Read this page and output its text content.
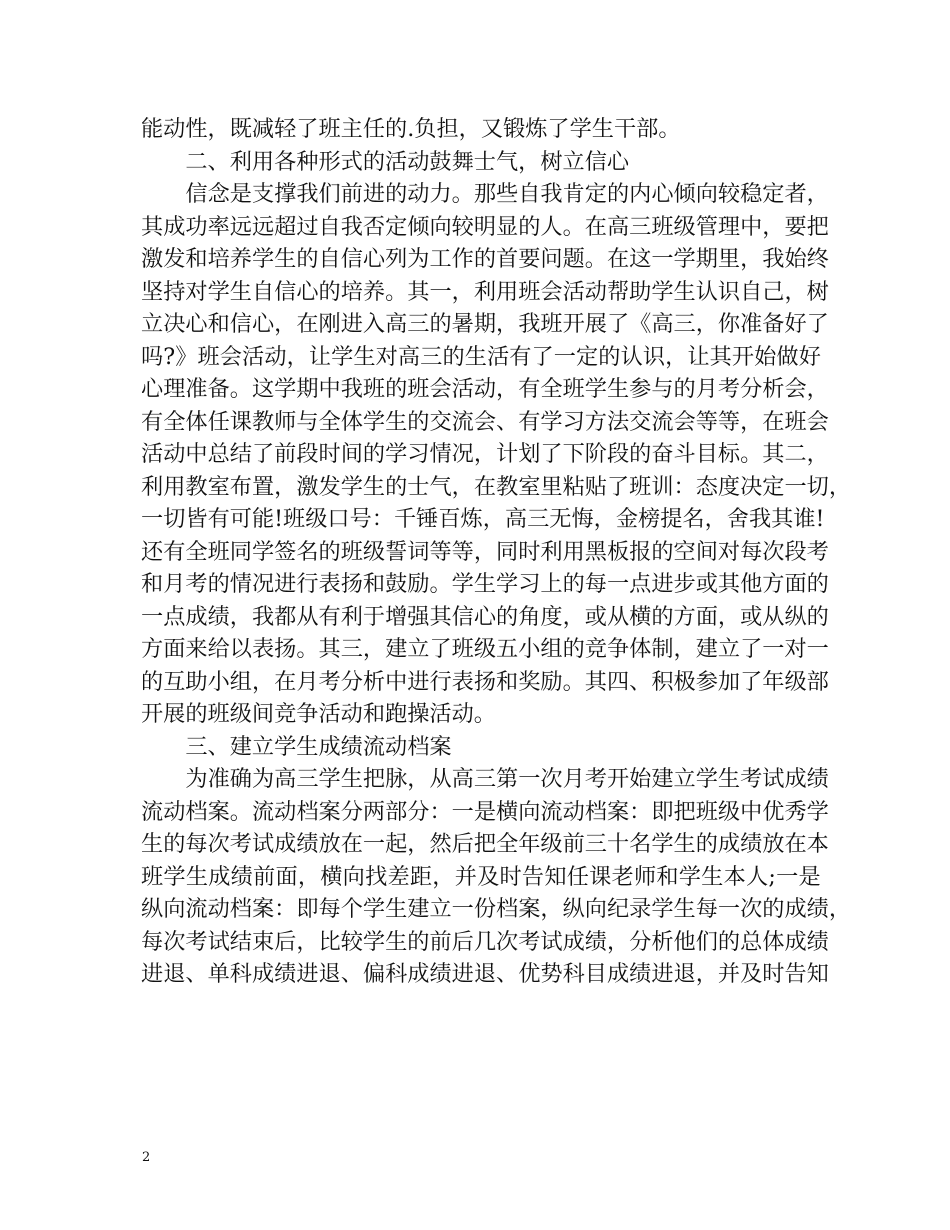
能动性，既减轻了班主任的.负担，又锻炼了学生干部。
　　二、利用各种形式的活动鼓舞士气，树立信心

信 念 是 支 撑 我 们 前 进 的 动 力 。 那 些 自 我 肯 定 的 内 心 倾 向 较 稳 定 者 ，
其 成 功 率 远 远 超 过 自 我 否 定 倾 向 较 明 显 的 人 。 在 高 三 班 级 管 理 中 ， 要 把
激 发 和 培 养 学 生 的 自 信 心 列 为 工 作 的 首 要 问 题 。 在 这 一 学 期 里 ， 我 始 终
坚 持 对 学 生 自 信 心 的 培 养 。 其 一 ， 利 用 班 会 活 动 帮 助 学 生 认 识 自 己 ， 树
立 决 心 和 信 心 ， 在 刚 进 入 高 三 的 暑 期 ， 我 班 开 展 了 《 高 三 ， 你 准 备 好 了
吗 ? 》 班 会 活 动 ， 让 学 生 对 高 三 的 生 活 有 了 一 定 的 认 识 ， 让 其 开 始 做 好
心 理 准 备 。 这 学 期 中 我 班 的 班 会 活 动 ， 有 全 班 学 生 参 与 的 月 考 分 析 会 ，
有 全 体 任 课 教 师 与 全 体 学 生 的 交 流 会 、 有 学 习 方 法 交 流 会 等 等 ， 在 班 会
活 动 中 总 结 了 前 段 时 间 的 学 习 情 况 ， 计 划 了 下 阶 段 的 奋 斗 目 标 。 其 二 ，
利 用 教 室 布 置 ， 激 发 学 生 的 士 气 ， 在 教 室 里 粘 贴 了 班 训 ： 态 度 决 定 一 切 ，
一 切 皆 有 可 能 ! 班 级 口 号 ： 千 锤 百 炼 ， 高 三 无 悔 ， 金 榜 提 名 ， 舍 我 其 谁 !
还 有 全 班 同 学 签 名 的 班 级 誓 词 等 等 ， 同 时 利 用 黑 板 报 的 空 间 对 每 次 段 考
和 月 考 的 情 况 进 行 表 扬 和 鼓 励 。 学 生 学 习 上 的 每 一 点 进 步 或 其 他 方 面 的
一 点 成 绩 ， 我 都 从 有 利 于 增 强 其 信 心 的 角 度 ， 或 从 横 的 方 面 ， 或 从 纵 的
方 面 来 给 以 表 扬 。 其 三 ， 建 立 了 班 级 五 小 组 的 竞 争 体 制 ， 建 立 了 一 对 一
的 互 助 小 组 ， 在 月 考 分 析 中 进 行 表 扬 和 奖 励 。 其 四 、 积 极 参 加 了 年 级 部
开展的班级间竞争活动和跑操活动。
　　三、建立学生成绩流动档案

为 准 确 为 高 三 学 生 把 脉 ， 从 高 三 第 一 次 月 考 开 始 建 立 学 生 考 试 成 绩
流 动 档 案 。 流 动 档 案 分 两 部 分 ： 一 是 横 向 流 动 档 案 ： 即 把 班 级 中 优 秀 学
生 的 每 次 考 试 成 绩 放 在 一 起 ， 然 后 把 全 年 级 前 三 十 名 学 生 的 成 绩 放 在 本
班 学 生 成 绩 前 面 ， 横 向 找 差 距 ， 并 及 时 告 知 任 课 老 师 和 学 生 本 人 ; 一 是
纵 向 流 动 档 案 ： 即 每 个 学 生 建 立 一 份 档 案 ， 纵 向 纪 录 学 生 每 一 次 的 成 绩 ，
每 次 考 试 结 束 后 ， 比 较 学 生 的 前 后 几 次 考 试 成 绩 ， 分 析 他 们 的 总 体 成 绩
进 退 、 单 科 成 绩 进 退 、 偏 科 成 绩 进 退 、 优 势 科 目 成 绩 进 退 ， 并 及 时 告 知
2
